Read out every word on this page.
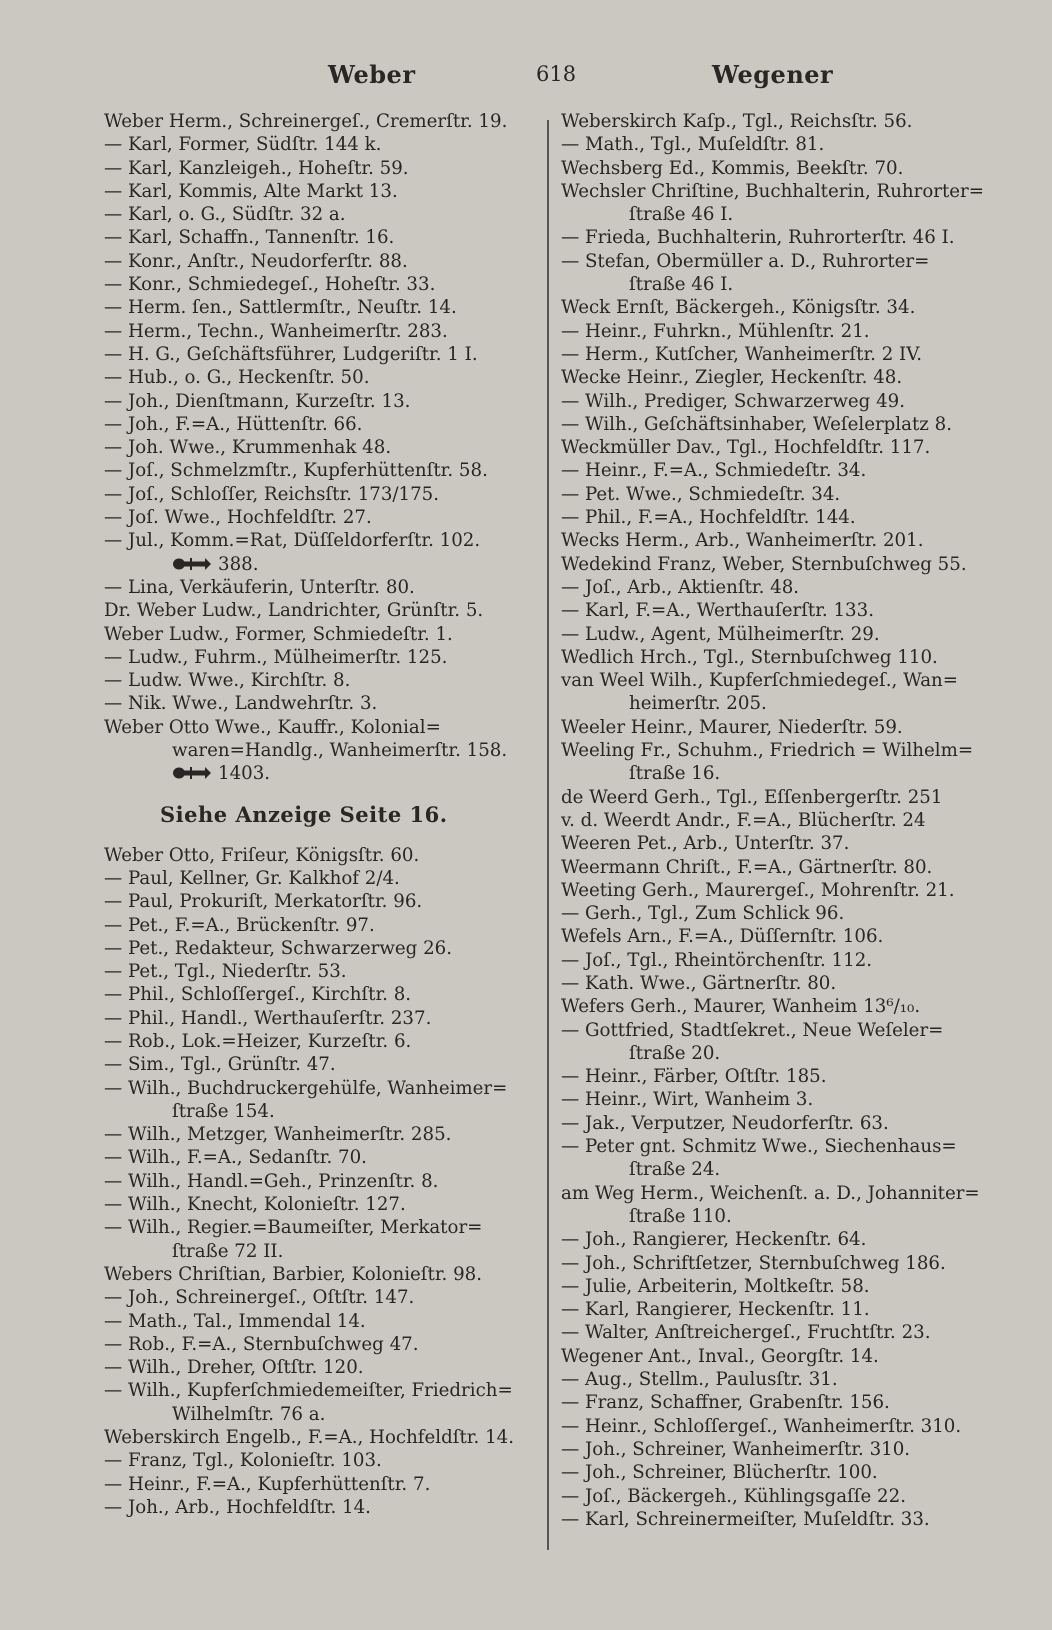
Weber	618	Wegener
Weber Herm., Schreinergeſ., Cremerſtr. 19.
— Karl, Former, Südſtr. 144 k.
— Karl, Kanzleigeh., Hoheſtr. 59.
— Karl, Kommis, Alte Markt 13.
— Karl, o. G., Südſtr. 32 a.
— Karl, Schaffn., Tannenſtr. 16.
— Konr., Anſtr., Neudorferſtr. 88.
— Konr., Schmiedegeſ., Hoheſtr. 33.
— Herm. ſen., Sattlermſtr., Neuſtr. 14.
— Herm., Techn., Wanheimerſtr. 283.
— H. G., Geſchäftsführer, Ludgeriſtr. 1 I.
— Hub., o. G., Heckenſtr. 50.
— Joh., Dienſtmann, Kurzeſtr. 13.
— Joh., F.=A., Hüttenſtr. 66.
— Joh. Wwe., Krummenhak 48.
— Joſ., Schmelzmſtr., Kupferhüttenſtr. 58.
— Joſ., Schloſſer, Reichsſtr. 173/175.
— Joſ. Wwe., Hochfeldſtr. 27.
— Jul., Komm.=Rat, Düſſeldorferſtr. 102.
388.
— Lina, Verkäuferin, Unterſtr. 80.
Dr. Weber Ludw., Landrichter, Grünſtr. 5.
Weber Ludw., Former, Schmiedeſtr. 1.
— Ludw., Fuhrm., Mülheimerſtr. 125.
— Ludw. Wwe., Kirchſtr. 8.
— Nik. Wwe., Landwehrſtr. 3.
Weber Otto Wwe., Kauffr., Kolonial=
waren=Handlg., Wanheimerſtr. 158.
1403.
Siehe Anzeige Seite 16.
Weber Otto, Friſeur, Königsſtr. 60.
— Paul, Kellner, Gr. Kalkhof 2/4.
— Paul, Prokuriſt, Merkatorſtr. 96.
— Pet., F.=A., Brückenſtr. 97.
— Pet., Redakteur, Schwarzerweg 26.
— Pet., Tgl., Niederſtr. 53.
— Phil., Schloſſergeſ., Kirchſtr. 8.
— Phil., Handl., Werthauſerſtr. 237.
— Rob., Lok.=Heizer, Kurzeſtr. 6.
— Sim., Tgl., Grünſtr. 47.
— Wilh., Buchdruckergehülfe, Wanheimer=
ſtraße 154.
— Wilh., Metzger, Wanheimerſtr. 285.
— Wilh., F.=A., Sedanſtr. 70.
— Wilh., Handl.=Geh., Prinzenſtr. 8.
— Wilh., Knecht, Kolonieſtr. 127.
— Wilh., Regier.=Baumeiſter, Merkator=
ſtraße 72 II.
Webers Chriſtian, Barbier, Kolonieſtr. 98.
— Joh., Schreinergeſ., Oſtſtr. 147.
— Math., Tal., Immendal 14.
— Rob., F.=A., Sternbuſchweg 47.
— Wilh., Dreher, Oſtſtr. 120.
— Wilh., Kupferſchmiedemeiſter, Friedrich=
Wilhelmſtr. 76 a.
Weberskirch Engelb., F.=A., Hochfeldſtr. 14.
— Franz, Tgl., Kolonieſtr. 103.
— Heinr., F.=A., Kupferhüttenſtr. 7.
— Joh., Arb., Hochfeldſtr. 14.
Weberskirch Kaſp., Tgl., Reichsſtr. 56.
— Math., Tgl., Muſeldſtr. 81.
Wechsberg Ed., Kommis, Beekſtr. 70.
Wechsler Chriſtine, Buchhalterin, Ruhrorter=
ſtraße 46 I.
— Frieda, Buchhalterin, Ruhrorterſtr. 46 I.
— Stefan, Obermüller a. D., Ruhrorter=
ſtraße 46 I.
Weck Ernſt, Bäckergeh., Königsſtr. 34.
— Heinr., Fuhrkn., Mühlenſtr. 21.
— Herm., Kutſcher, Wanheimerſtr. 2 IV.
Wecke Heinr., Ziegler, Heckenſtr. 48.
— Wilh., Prediger, Schwarzerweg 49.
— Wilh., Geſchäftsinhaber, Weſelerplatz 8.
Weckmüller Dav., Tgl., Hochfeldſtr. 117.
— Heinr., F.=A., Schmiedeſtr. 34.
— Pet. Wwe., Schmiedeſtr. 34.
— Phil., F.=A., Hochfeldſtr. 144.
Wecks Herm., Arb., Wanheimerſtr. 201.
Wedekind Franz, Weber, Sternbuſchweg 55.
— Joſ., Arb., Aktienſtr. 48.
— Karl, F.=A., Werthauſerſtr. 133.
— Ludw., Agent, Mülheimerſtr. 29.
Wedlich Hrch., Tgl., Sternbuſchweg 110.
van Weel Wilh., Kupferſchmiedegeſ., Wan=
heimerſtr. 205.
Weeler Heinr., Maurer, Niederſtr. 59.
Weeling Fr., Schuhm., Friedrich = Wilhelm=
ſtraße 16.
de Weerd Gerh., Tgl., Eſſenbergerſtr. 251
v. d. Weerdt Andr., F.=A., Blücherſtr. 24
Weeren Pet., Arb., Unterſtr. 37.
Weermann Chriſt., F.=A., Gärtnerſtr. 80.
Weeting Gerh., Maurergeſ., Mohrenſtr. 21.
— Gerh., Tgl., Zum Schlick 96.
Wefels Arn., F.=A., Düſſernſtr. 106.
— Joſ., Tgl., Rheintörchenſtr. 112.
— Kath. Wwe., Gärtnerſtr. 80.
Wefers Gerh., Maurer, Wanheim 13⁶/₁₀.
— Gottfried, Stadtſekret., Neue Weſeler=
ſtraße 20.
— Heinr., Färber, Oſtſtr. 185.
— Heinr., Wirt, Wanheim 3.
— Jak., Verputzer, Neudorferſtr. 63.
— Peter gnt. Schmitz Wwe., Siechenhaus=
ſtraße 24.
am Weg Herm., Weichenſt. a. D., Johanniter=
ſtraße 110.
— Joh., Rangierer, Heckenſtr. 64.
— Joh., Schriftſetzer, Sternbuſchweg 186.
— Julie, Arbeiterin, Moltkeſtr. 58.
— Karl, Rangierer, Heckenſtr. 11.
— Walter, Anſtreichergeſ., Fruchtſtr. 23.
Wegener Ant., Inval., Georgſtr. 14.
— Aug., Stellm., Paulusſtr. 31.
— Franz, Schaffner, Grabenſtr. 156.
— Heinr., Schloſſergeſ., Wanheimerſtr. 310.
— Joh., Schreiner, Wanheimerſtr. 310.
— Joh., Schreiner, Blücherſtr. 100.
— Joſ., Bäckergeh., Kühlingsgaſſe 22.
— Karl, Schreinermeiſter, Muſeldſtr. 33.
